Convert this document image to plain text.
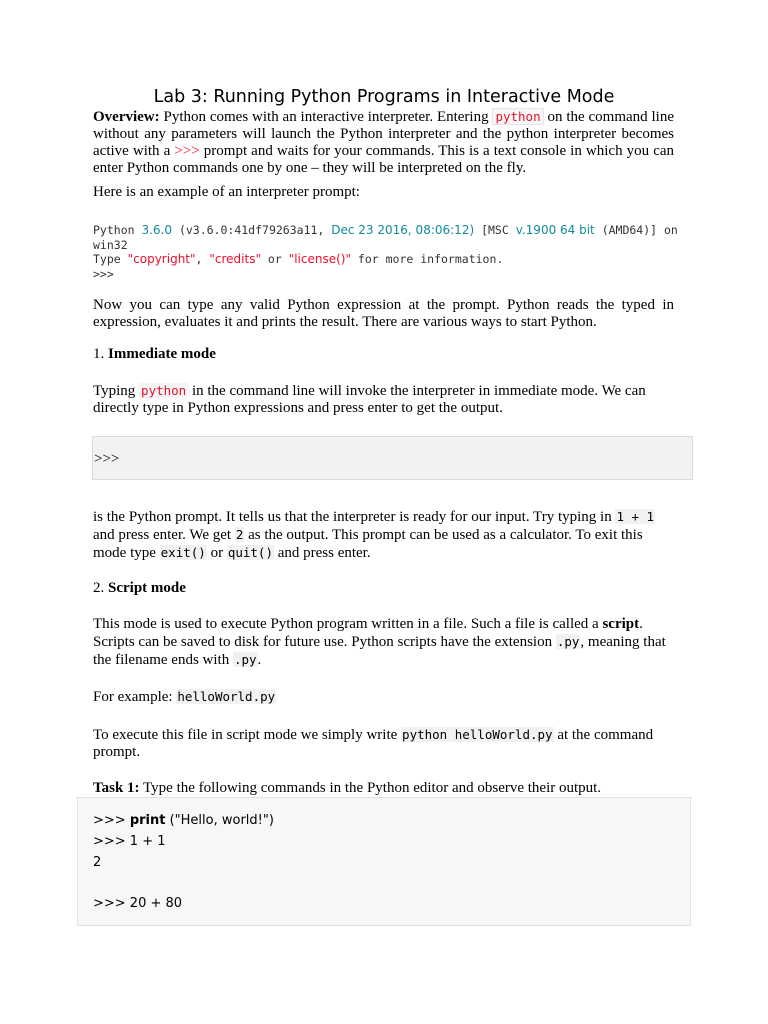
Lab 3: Running Python Programs in Interactive Mode
Overview: Python comes with an interactive interpreter. Entering python on the command line without any parameters will launch the Python interpreter and the python interpreter becomes active with a >>> prompt and waits for your commands. This is a text console in which you can enter Python commands one by one – they will be interpreted on the fly.
Here is an example of an interpreter prompt:
Python 3.6.0 (v3.6.0:41df79263a11, Dec 23 2016, 08:06:12) [MSC v.1900 64 bit (AMD64)] on
win32
Type "copyright", "credits" or "license()" for more information.
>>>
Now you can type any valid Python expression at the prompt. Python reads the typed in expression, evaluates it and prints the result. There are various ways to start Python.
1. Immediate mode
Typing python in the command line will invoke the interpreter in immediate mode. We can directly type in Python expressions and press enter to get the output.
>>>
is the Python prompt. It tells us that the interpreter is ready for our input. Try typing in 1 + 1 and press enter. We get 2 as the output. This prompt can be used as a calculator. To exit this mode type exit() or quit() and press enter.
2. Script mode
This mode is used to execute Python program written in a file. Such a file is called a script. Scripts can be saved to disk for future use. Python scripts have the extension .py, meaning that the filename ends with .py.
For example: helloWorld.py
To execute this file in script mode we simply write python helloWorld.py at the command prompt.
Task 1: Type the following commands in the Python editor and observe their output.
>>> print ("Hello, world!")
>>> 1 + 1
2
>>> 20 + 80
